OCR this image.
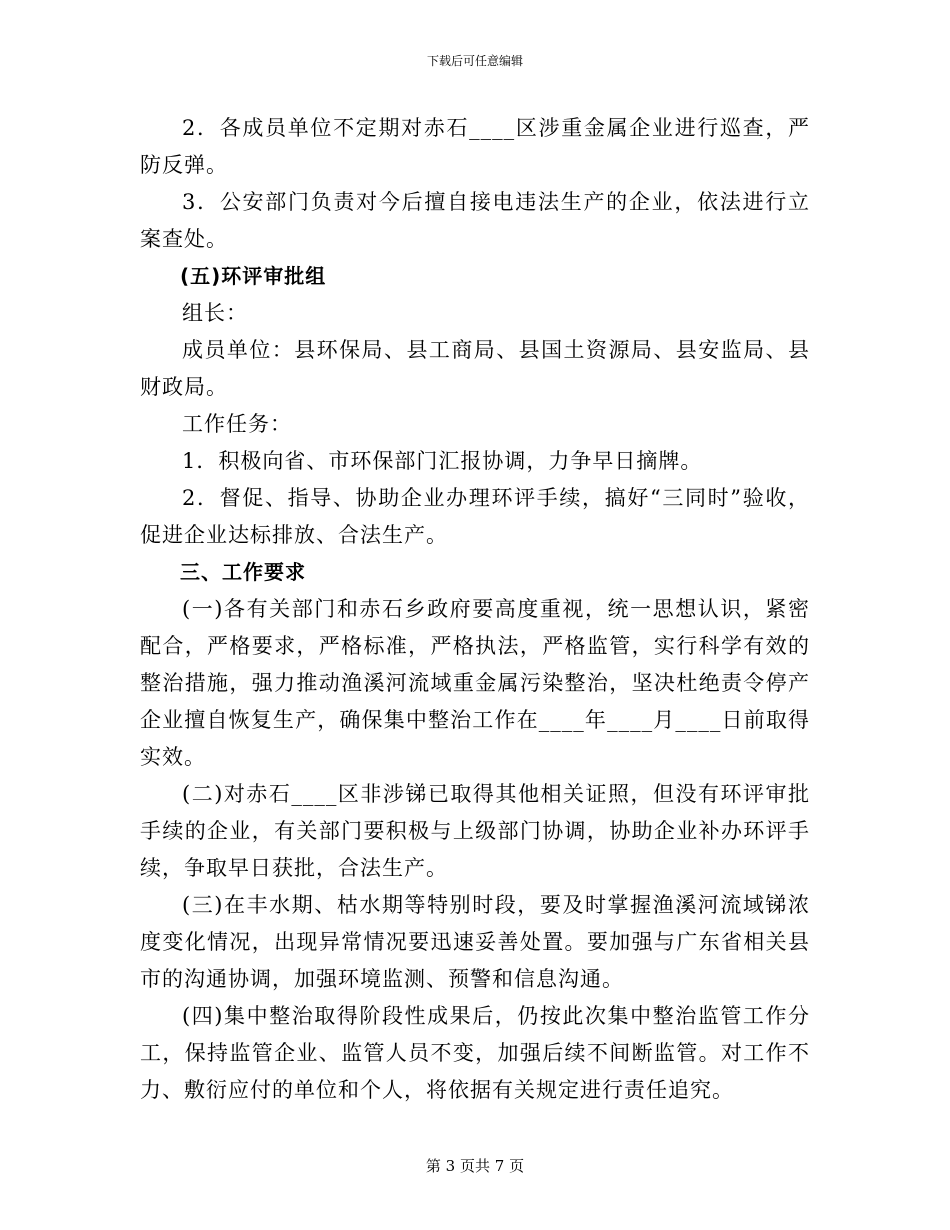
下载后可任意编辑

2．各成员单位不定期对赤石____区涉重金属企业进行巡查，严防反弹。

3．公安部门负责对今后擅自接电违法生产的企业，依法进行立案查处。

(五)环评审批组

组长：

成员单位：县环保局、县工商局、县国土资源局、县安监局、县财政局。

工作任务：

1．积极向省、市环保部门汇报协调，力争早日摘牌。

2．督促、指导、协助企业办理环评手续，搞好“三同时”验收，促进企业达标排放、合法生产。

三、工作要求

(一)各有关部门和赤石乡政府要高度重视，统一思想认识，紧密配合，严格要求，严格标准，严格执法，严格监管，实行科学有效的整治措施，强力推动渔溪河流域重金属污染整治，坚决杜绝责令停产企业擅自恢复生产，确保集中整治工作在____年____月____日前取得实效。

(二)对赤石____区非涉锑已取得其他相关证照，但没有环评审批手续的企业，有关部门要积极与上级部门协调，协助企业补办环评手续，争取早日获批，合法生产。

(三)在丰水期、枯水期等特别时段，要及时掌握渔溪河流域锑浓度变化情况，出现异常情况要迅速妥善处置。要加强与广东省相关县市的沟通协调，加强环境监测、预警和信息沟通。

(四)集中整治取得阶段性成果后，仍按此次集中整治监管工作分工，保持监管企业、监管人员不变，加强后续不间断监管。对工作不力、敷衍应付的单位和个人，将依据有关规定进行责任追究。

第 3 页共 7 页
